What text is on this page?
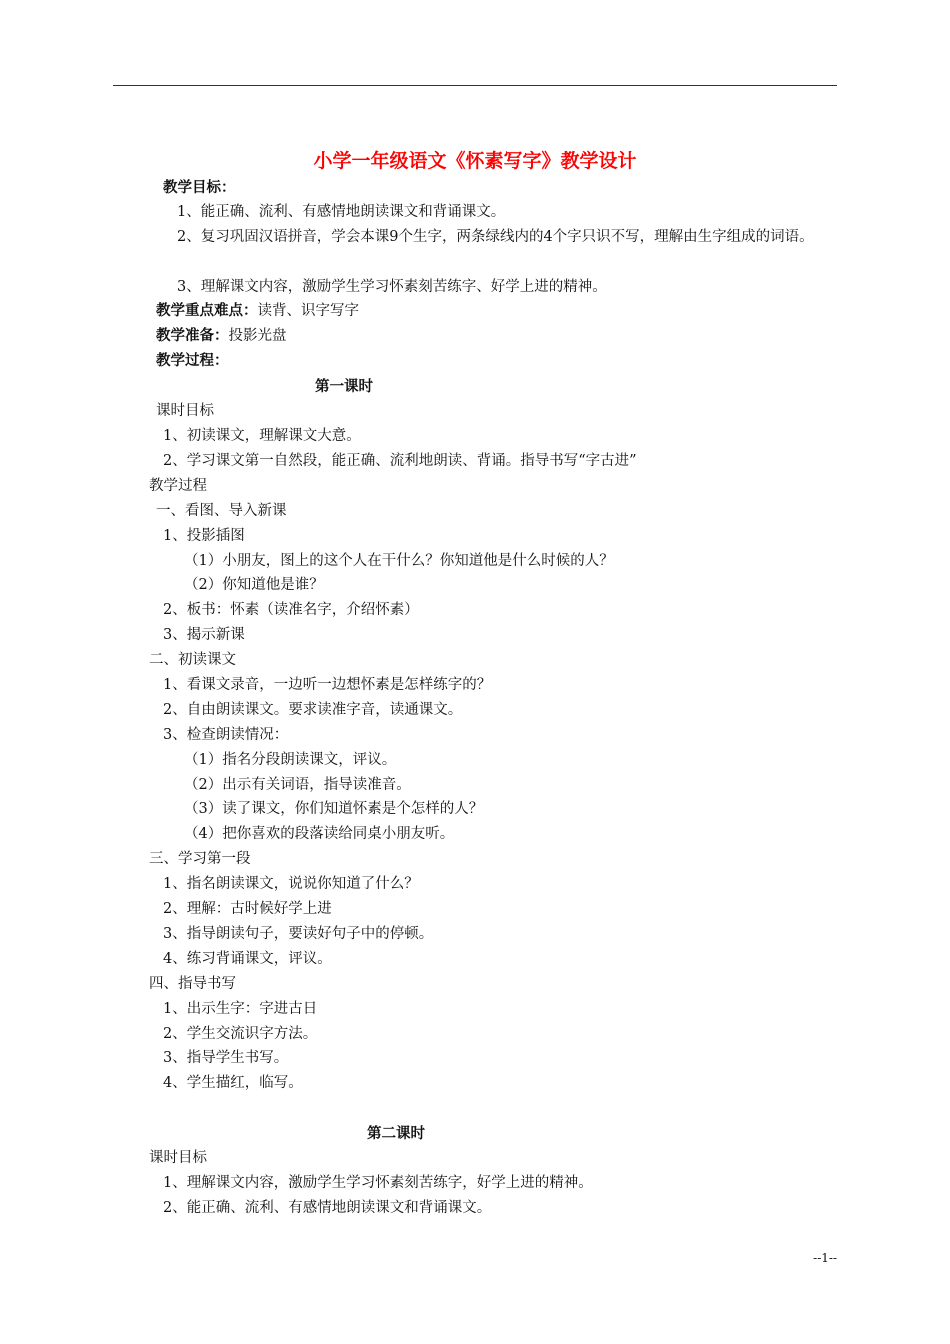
小学一年级语文《怀素写字》教学设计
教学目标：
1、能正确、流利、有感情地朗读课文和背诵课文。
2、复习巩固汉语拼音，学会本课9个生字，两条绿线内的4个字只识不写，理解由生字组成的词语。
3、理解课文内容，激励学生学习怀素刻苦练字、好学上进的精神。
教学重点难点：读背、识字写字
教学准备：投影光盘
教学过程：
第一课时
课时目标
1、初读课文，理解课文大意。
2、学习课文第一自然段，能正确、流利地朗读、背诵。指导书写“字古进”
教学过程
一、看图、导入新课
1、投影插图
（1）小朋友，图上的这个人在干什么？你知道他是什么时候的人？
（2）你知道他是谁？
2、板书：怀素（读准名字，介绍怀素）
3、揭示新课
二、初读课文
1、看课文录音，一边听一边想怀素是怎样练字的？
2、自由朗读课文。要求读准字音，读通课文。
3、检查朗读情况：
（1）指名分段朗读课文，评议。
（2）出示有关词语，指导读准音。
（3）读了课文，你们知道怀素是个怎样的人？
（4）把你喜欢的段落读给同桌小朋友听。
三、学习第一段
1、指名朗读课文，说说你知道了什么？
2、理解：古时候好学上进
3、指导朗读句子，要读好句子中的停顿。
4、练习背诵课文，评议。
四、指导书写
1、出示生字：字进古日
2、学生交流识字方法。
3、指导学生书写。
4、学生描红，临写。
第二课时
课时目标
1、理解课文内容，激励学生学习怀素刻苦练字，好学上进的精神。
2、能正确、流利、有感情地朗读课文和背诵课文。
--1--
